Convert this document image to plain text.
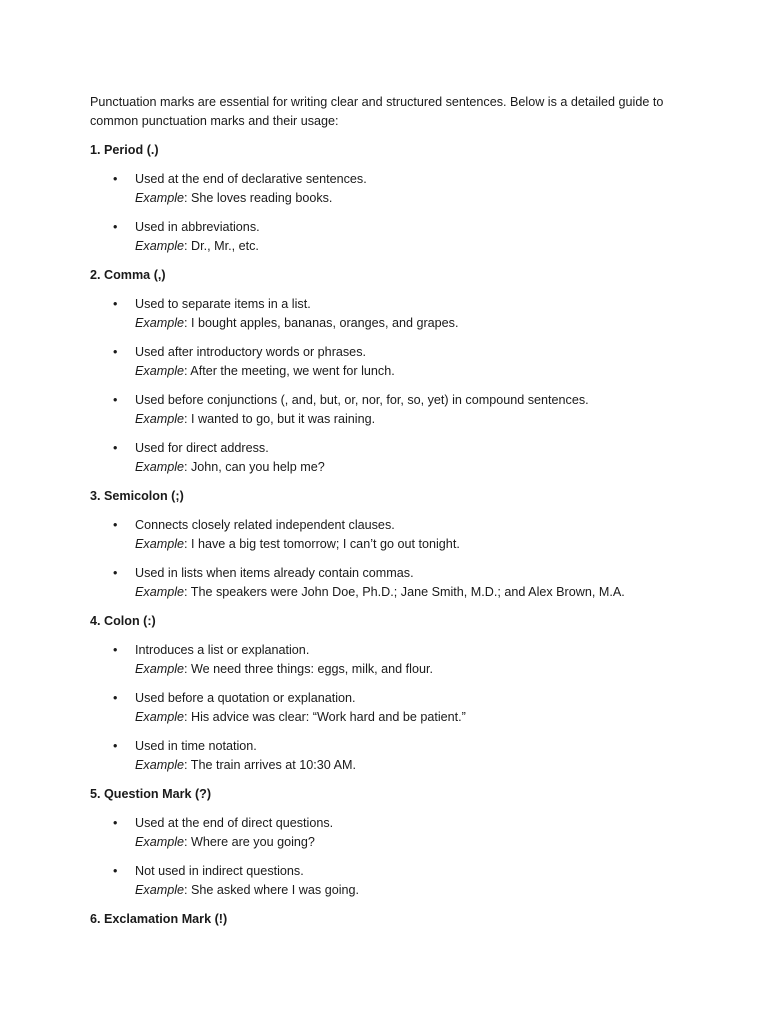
Punctuation marks are essential for writing clear and structured sentences. Below is a detailed guide to common punctuation marks and their usage:

1. Period (.)
• Used at the end of declarative sentences.
Example: She loves reading books.
• Used in abbreviations.
Example: Dr., Mr., etc.
2. Comma (,)
• Used to separate items in a list.
Example: I bought apples, bananas, oranges, and grapes.
• Used after introductory words or phrases.
Example: After the meeting, we went for lunch.
• Used before conjunctions (, and, but, or, nor, for, so, yet) in compound sentences.
Example: I wanted to go, but it was raining.
• Used for direct address.
Example: John, can you help me?
3. Semicolon (;)
• Connects closely related independent clauses.
Example: I have a big test tomorrow; I can’t go out tonight.
• Used in lists when items already contain commas.
Example: The speakers were John Doe, Ph.D.; Jane Smith, M.D.; and Alex Brown, M.A.
4. Colon (:)
• Introduces a list or explanation.
Example: We need three things: eggs, milk, and flour.
• Used before a quotation or explanation.
Example: His advice was clear: “Work hard and be patient.”
• Used in time notation.
Example: The train arrives at 10:30 AM.
5. Question Mark (?)
• Used at the end of direct questions.
Example: Where are you going?
• Not used in indirect questions.
Example: She asked where I was going.
6. Exclamation Mark (!)
